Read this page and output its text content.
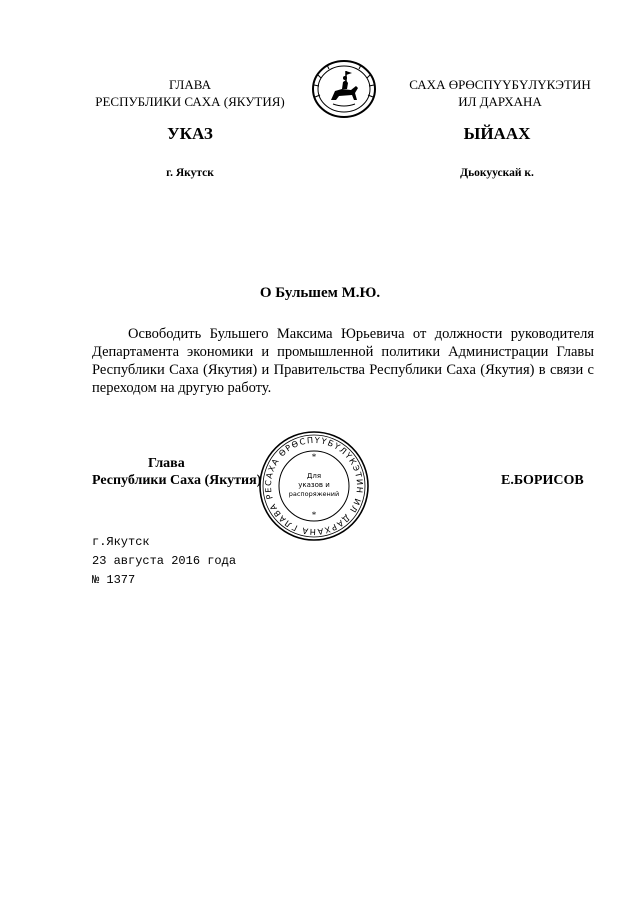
ГЛАВА
РЕСПУБЛИКИ САХА (ЯКУТИЯ)
САХА ӨРӨСПҮҮБҮЛҮКЭТИН
ИЛ ДАРХАНА
УКАЗ	ЫЙААХ
г. Якутск	Дьокуускай к.
О Бульшем М.Ю.

Освободить Бульшего Максима Юрьевича от должности руководителя Департамента экономики и промышленной политики Администрации Главы Республики Саха (Якутия) и Правительства Республики Саха (Якутия) в связи с переходом на другую работу.

Глава
Республики Саха (Якутия)	Е.БОРИСОВ
САХА ӨРӨСПҮҮБҮЛҮКЭТИН ИЛ ДАРХАНА ГЛАВА РЕ
Для
указов и
распоряжений
*
*
г.Якутск
23 августа 2016 года
№ 1377
